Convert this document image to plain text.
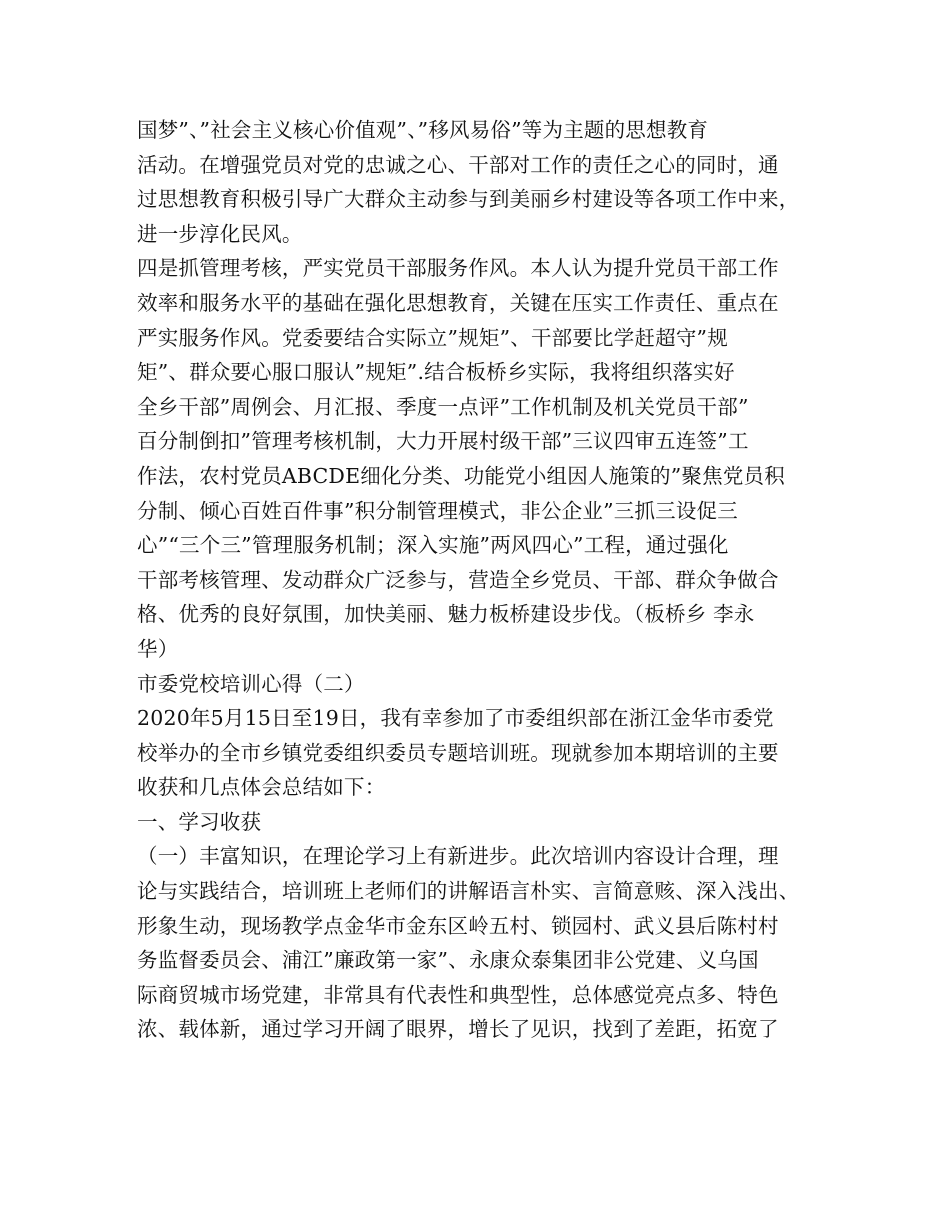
国梦”、”社会主义核心价值观”、”移风易俗”等为主题的思想教育
活动。在增强党员对党的忠诚之心、干部对工作的责任之心的同时，通
过思想教育积极引导广大群众主动参与到美丽乡村建设等各项工作中来，
进一步淳化民风。
四是抓管理考核，严实党员干部服务作风。本人认为提升党员干部工作
效率和服务水平的基础在强化思想教育，关键在压实工作责任、重点在
严实服务作风。党委要结合实际立”规矩”、干部要比学赶超守”规
矩”、群众要心服口服认”规矩”.结合板桥乡实际，我将组织落实好
全乡干部”周例会、月汇报、季度一点评”工作机制及机关党员干部”
百分制倒扣”管理考核机制，大力开展村级干部”三议四审五连签”工
作法，农村党员ABCDE细化分类、功能党小组因人施策的”聚焦党员积
分制、倾心百姓百件事”积分制管理模式，非公企业”三抓三设促三
心”“三个三”管理服务机制；深入实施”两风四心”工程，通过强化
干部考核管理、发动群众广泛参与，营造全乡党员、干部、群众争做合
格、优秀的良好氛围，加快美丽、魅力板桥建设步伐。（板桥乡 李永
华）
市委党校培训心得（二）
2020年5月15日至19日，我有幸参加了市委组织部在浙江金华市委党
校举办的全市乡镇党委组织委员专题培训班。现就参加本期培训的主要
收获和几点体会总结如下：
一、学习收获
（一）丰富知识，在理论学习上有新进步。此次培训内容设计合理，理
论与实践结合，培训班上老师们的讲解语言朴实、言简意赅、深入浅出、
形象生动，现场教学点金华市金东区岭五村、锁园村、武义县后陈村村
务监督委员会、浦江”廉政第一家”、永康众泰集团非公党建、义乌国
际商贸城市场党建，非常具有代表性和典型性，总体感觉亮点多、特色
浓、载体新，通过学习开阔了眼界，增长了见识，找到了差距，拓宽了
